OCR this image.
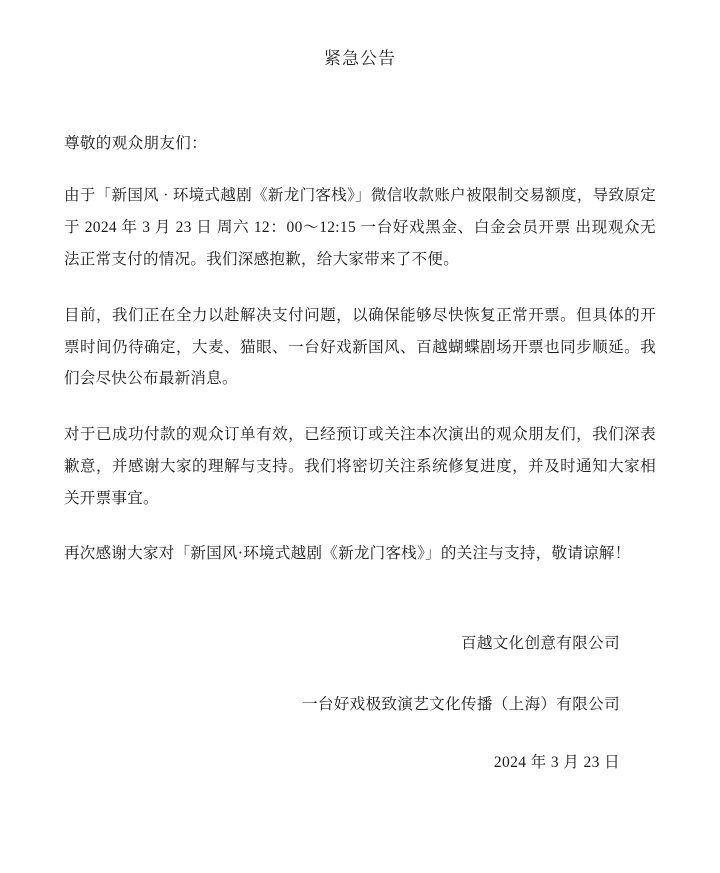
紧急公告
尊敬的观众朋友们：

由于「新国风 · 环境式越剧《新龙门客栈》」微信收款账户被限制交易额度，导致原定于 2024 年 3 月 23 日 周六 12：00～12:15 一台好戏黑金、白金会员开票 出现观众无法正常支付的情况。我们深感抱歉，给大家带来了不便。

目前，我们正在全力以赴解决支付问题，以确保能够尽快恢复正常开票。但具体的开票时间仍待确定，大麦、猫眼、一台好戏新国风、百越蝴蝶剧场开票也同步顺延。我们会尽快公布最新消息。

对于已成功付款的观众订单有效，已经预订或关注本次演出的观众朋友们，我们深表歉意，并感谢大家的理解与支持。我们将密切关注系统修复进度，并及时通知大家相关开票事宜。

再次感谢大家对「新国风·环境式越剧《新龙门客栈》」的关注与支持，敬请谅解！

百越文化创意有限公司
一台好戏极致演艺文化传播（上海）有限公司
2024 年 3 月 23 日
